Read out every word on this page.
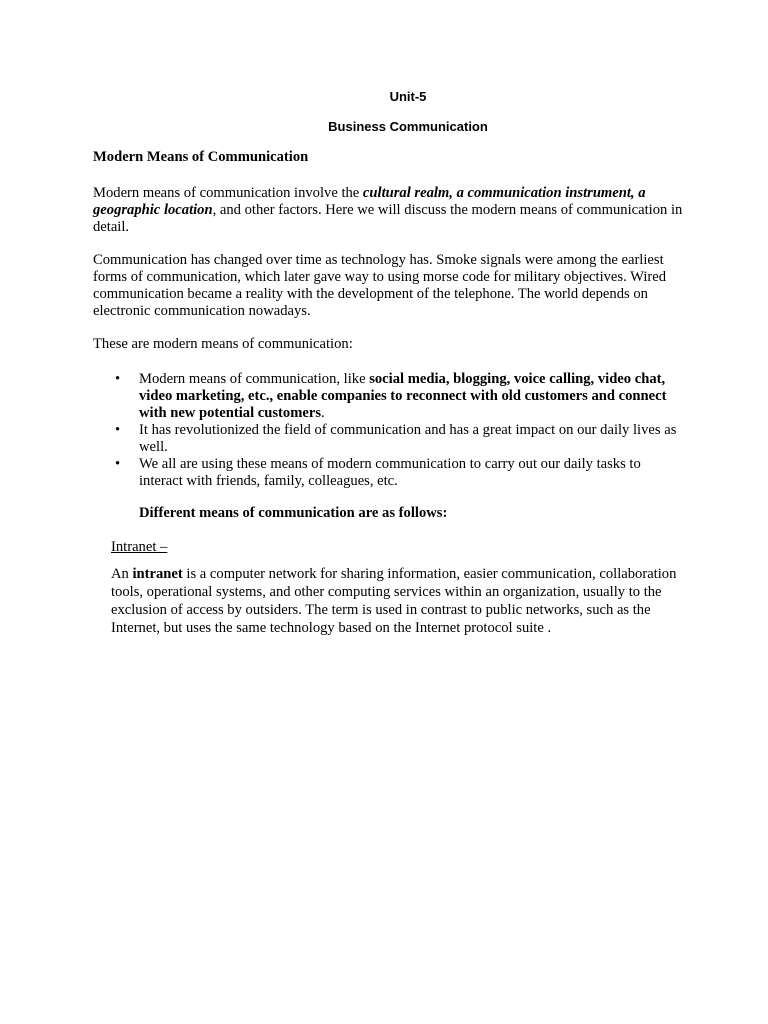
Unit-5
Business Communication
Modern Means of Communication

Modern means of communication involve the cultural realm, a communication instrument, a geographic location, and other factors. Here we will discuss the modern means of communication in detail.

Communication has changed over time as technology has. Smoke signals were among the earliest forms of communication, which later gave way to using morse code for military objectives. Wired communication became a reality with the development of the telephone. The world depends on electronic communication nowadays.

These are modern means of communication:

• Modern means of communication, like social media, blogging, voice calling, video chat, video marketing, etc., enable companies to reconnect with old customers and connect with new potential customers.
• It has revolutionized the field of communication and has a great impact on our daily lives as well.
• We all are using these means of modern communication to carry out our daily tasks to interact with friends, family, colleagues, etc.
Different means of communication are as follows:
Intranet –

An intranet is a computer network for sharing information, easier communication, collaboration tools, operational systems, and other computing services within an organization, usually to the exclusion of access by outsiders. The term is used in contrast to public networks, such as the Internet, but uses the same technology based on the Internet protocol suite .
